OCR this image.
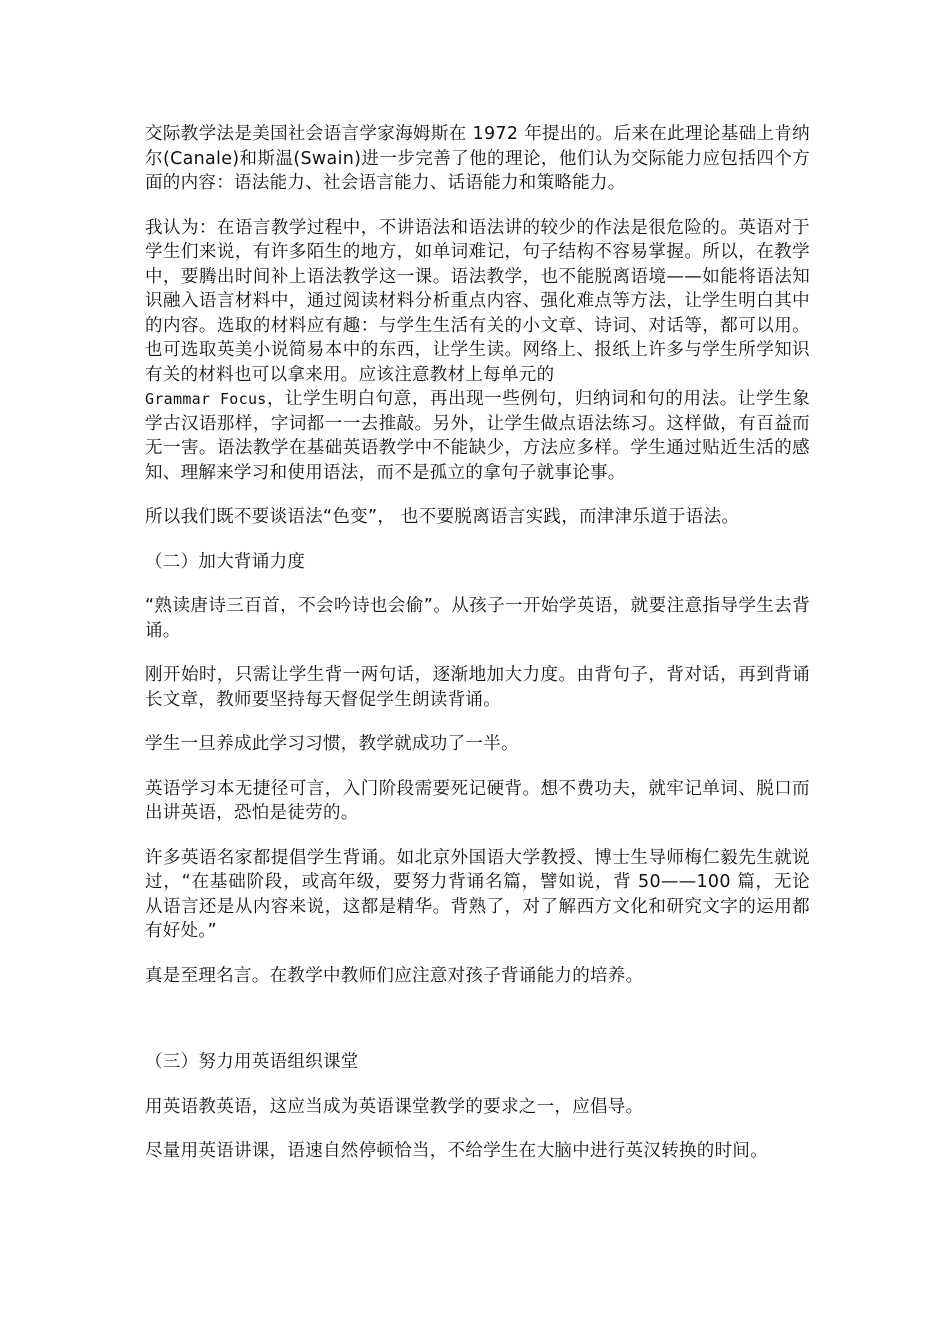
交际教学法是美国社会语言学家海姆斯在 1972 年提出的。后来在此理论基础上肯纳尔(Canale)和斯温(Swain)进一步完善了他的理论，他们认为交际能力应包括四个方面的内容：语法能力、社会语言能力、话语能力和策略能力。

我认为：在语言教学过程中，不讲语法和语法讲的较少的作法是很危险的。英语对于学生们来说，有许多陌生的地方，如单词难记，句子结构不容易掌握。所以，在教学中，要腾出时间补上语法教学这一课。语法教学，也不能脱离语境——如能将语法知识融入语言材料中，通过阅读材料分析重点内容、强化难点等方法，让学生明白其中的内容。选取的材料应有趣：与学生生活有关的小文章、诗词、对话等，都可以用。也可选取英美小说简易本中的东西，让学生读。网络上、报纸上许多与学生所学知识有关的材料也可以拿来用。应该注意教材上每单元的
Grammar Focus，让学生明白句意，再出现一些例句，归纳词和句的用法。让学生象学古汉语那样，字词都一一去推敲。另外，让学生做点语法练习。这样做，有百益而无一害。语法教学在基础英语教学中不能缺少，方法应多样。学生通过贴近生活的感知、理解来学习和使用语法，而不是孤立的拿句子就事论事。

所以我们既不要谈语法“色变”， 也不要脱离语言实践，而津津乐道于语法。

（二）加大背诵力度

“熟读唐诗三百首，不会吟诗也会偷”。从孩子一开始学英语，就要注意指导学生去背诵。

刚开始时，只需让学生背一两句话，逐渐地加大力度。由背句子，背对话，再到背诵长文章，教师要坚持每天督促学生朗读背诵。

学生一旦养成此学习习惯，教学就成功了一半。

英语学习本无捷径可言，入门阶段需要死记硬背。想不费功夫，就牢记单词、脱口而出讲英语，恐怕是徒劳的。

许多英语名家都提倡学生背诵。如北京外国语大学教授、博士生导师梅仁毅先生就说过，“在基础阶段，或高年级，要努力背诵名篇，譬如说，背 50——100 篇，无论从语言还是从内容来说，这都是精华。背熟了，对了解西方文化和研究文字的运用都有好处。”

真是至理名言。在教学中教师们应注意对孩子背诵能力的培养。

（三）努力用英语组织课堂

用英语教英语，这应当成为英语课堂教学的要求之一，应倡导。

尽量用英语讲课，语速自然停顿恰当，不给学生在大脑中进行英汉转换的时间。
